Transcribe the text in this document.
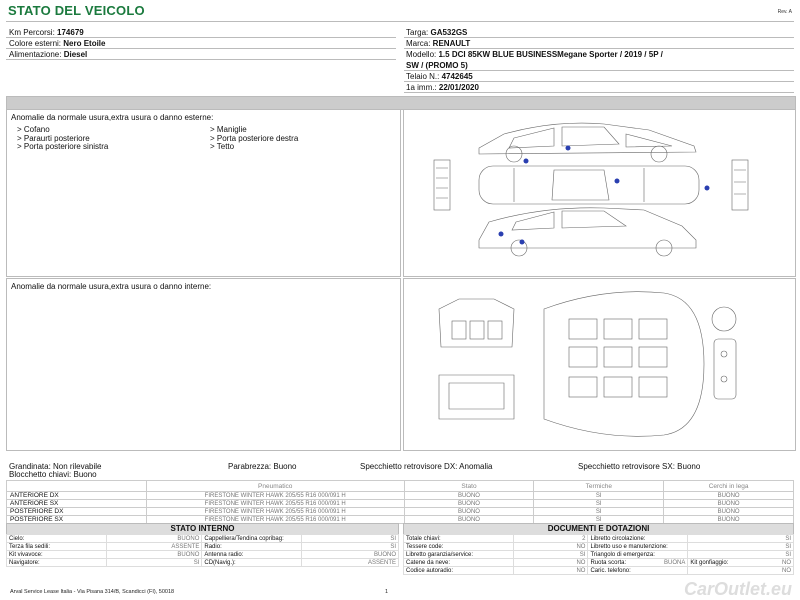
STATO DEL VEICOLO	Rev. A
Km Percorsi: 174679
Colore esterni: Nero Etoile
Alimentazione: Diesel
Targa: GA532GS
Marca: RENAULT
Modello: 1.5 DCI 85KW BLUE BUSINESSMegane Sporter / 2019 / 5P /
SW / (PROMO 5)
Telaio N.: 4742645
1a imm.: 22/01/2020
Anomalie da normale usura,extra usura o danno esterne:
> Cofano
> Paraurti posteriore
> Porta posteriore sinistra
> Maniglie
> Porta posteriore destra
> Tetto
Anomalie da normale usura,extra usura o danno interne:
Grandinata: Non rilevabile	Parabrezza: Buono	Specchietto retrovisore DX: Anomalia	Specchietto retrovisore SX: Buono
Blocchetto chiavi: Buono
	Pneumatico	Stato	Termiche	Cerchi in lega
ANTERIORE DX	FIRESTONE WINTER HAWK 205/55 R16 000/091 H	BUONO	SI	BUONO
ANTERIORE SX	FIRESTONE WINTER HAWK 205/55 R16 000/091 H	BUONO	SI	BUONO
POSTERIORE DX	FIRESTONE WINTER HAWK 205/55 R16 000/091 H	BUONO	SI	BUONO
POSTERIORE SX	FIRESTONE WINTER HAWK 205/55 R16 000/091 H	BUONO	SI	BUONO
STATO INTERNO
Cielo:	BUONO	Cappelliera/Tendina copribag:	SI
Terza fila sedili:	ASSENTE	Radio:	SI
Kit vivavoce:	BUONO	Antenna radio:	BUONO
Navigatore:	SI	CD(Navig.):	ASSENTE
DOCUMENTI E DOTAZIONI
Totale chiavi:	2	Libretto circolazione:	SI
Tessere code:	NO	Libretto uso e manutenzione:	SI
Libretto garanzia/service:	SI	Triangolo di emergenza:	SI
Catene da neve:	NO	Ruota scorta: BUONA	Kit gonfiaggio: NO

Codice autoradio:	NO	Caric. telefono:	NO
Arval Service Lease Italia - Via Pisana 314/B, Scandicci (FI), 50018	1	CarOutlet.eu
